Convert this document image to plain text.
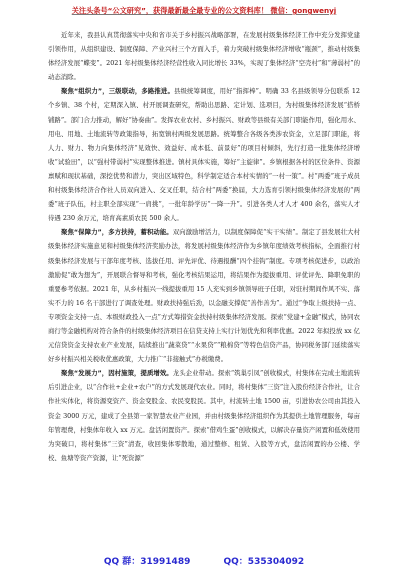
关注头条号“公文研究”，获得最新最全最专业的公文资料库！ 微信：gongwenyj

近年来，我县认真贯彻落实中央和省市关于乡村振兴战略部署，在发展村级集体经济工作中充分发挥党建引领作用，从组织建设、制度保障、产业兴村三个方面入手，着力突破村级集体经济增收“瓶颈”，推动村级集体经济发展“蝶变”。2021 年村级集体经济经营性收入同比增长 33%，实现了集体经济“空壳村”和“薄弱村”的动态消除。

聚焦“组织力”，三级联动，多路推进。县级统筹调度，用好“指挥棒”。明确 33 名县级领导分包联系 12 个乡镇、38 个村，定期深入镇、村开展调查研究，帮助出思路、定计划、选项目，为村级集体经济发展“搭桥铺路”。部门合力推动，解好“协奏曲”。发挥农业农村、乡村振兴、财政等县级有关部门职能作用，强化用水、用电、用地、土地流转等政策指导，拓宽镇村两级发展思路。统筹整合各级各类涉农资金，立足部门职能，将人力、财力、物力向集体经济“见效快、效益好、成本低、前景好”的项目村倾斜，先行打造一批集体经济增收“试验田”，以“强村带弱村”实现整体推进。镇村具体实施，筹好“主旋律”。乡镇根据各村的区位条件、资源禀赋和现状基础，深挖优势和潜力，突出区域特色，科学制定适合本村实情的“一村一策”。村“两委”班子成员和村级集体经济合作社人员双向进入、交叉任职，结合村“两委”换届，大力选育引领村级集体经济发展的“两委”班子队伍，村主职全部实现“一肩挑”，一批年龄学历“一降一升”。引进各类人才人才 400 余名，落实人才待遇 230 余万元，培育高素质农民 500 余人。

聚焦“保障力”，多方扶持，蓄积动能。双向激励增活力，以制度保障促“实干实绩”。制定了县发展壮大村级集体经济实施意见和村级集体经济奖励办法，将发展村级集体经济作为乡镇年度绩效考核指标，全面推行村级集体经济发展与干部年度考核、选拔任用、评先评优、待遇报酬“四个挂钩”制度。专项考核促进步，以政治激励促“敢为想为”，开展联合督导和考核，强化考核结果运用，将结果作为提拔重用、评优评先、降职免职的重要参考依据。2021 年，从乡村振兴一线提拔重用 15 人充实到乡镇领导班子任职，对驻村期间作风不实、落实不力的 16 名干部进行了调查处理。财政扶持强后劲，以金融支撑促“善作善为”。通过“争取上级扶持一点、专项资金支持一点、本级财政投入一点”方式筹措资金扶持村级集体经济发展。探索“党建+金融”模式，协同农商行等金融机构对符合条件的村级集体经济项目在信贷支持上实行计划优先和利率优惠。2022 年拟投放 xx 亿元信贷资金支持农业产业发展，陆续推出“蔬菜贷”“水果贷”“粮棉贷”等特色信贷产品，协同税务部门延续落实好乡村振兴相关税收优惠政策，大力推广“非接触式”办税缴费。

聚焦“发展力”，因村施策，提质增效。龙头企业带动。探索“筑巢引凤”创收模式，村集体在完成土地流转后引进企业，以“合作社+企业+农户”的方式发展现代农业。同时，将村集体“三资”注入股份经济合作社，让合作社实体化，将资源变资产、资金变股金、农民变股民。其中，村流转土地 1500 亩，引进协农公司由其投入资金 3000 万元，建成了全县第一家智慧农业产业园，并由村级集体经济组织作为其提供土地管理服务，每亩年管理费，村集体年收入 xx 万元。盘活闲置资产。探索“借鸡生蛋”创收模式，以解决存量资产闲置和低效使用为突破口，将村集体“三资”清查，收回集体零散地，通过整修、租赁、入股等方式，盘活闲置的办公楼、学校、鱼塘等资产资源，让“死资源”

QQ 群：31991489	QQ：535304092
